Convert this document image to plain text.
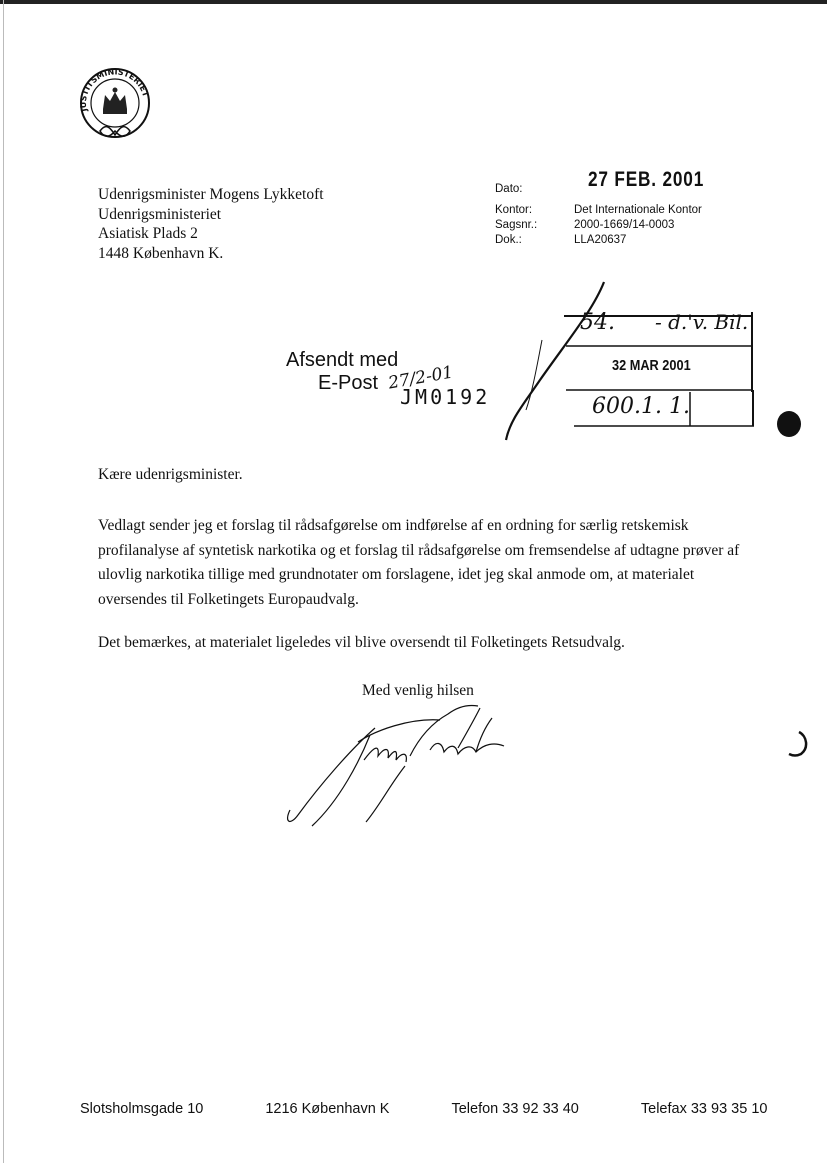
JUSTITSMINISTERIET
Udenrigsminister Mogens Lykketoft
Udenrigsministeriet
Asiatisk Plads 2
1448 København K.
27 FEB. 2001
Dato:
Kontor:	Det Internationale Kontor
Sagsnr.:	2000-1669/14-0003
Dok.:	LLA20637
Afsendt med
E-Post 27/2-01
JM0192
54. - d.'v. Bil.
32 MAR 2001
600.1. 1.
Kære udenrigsminister.
Vedlagt sender jeg et forslag til rådsafgørelse om indførelse af en ordning for særlig retskemisk profilanalyse af syntetisk narkotika og et forslag til rådsafgørelse om fremsendelse af udtagne prøver af ulovlig narkotika tillige med grundnotater om forslagene, idet jeg skal anmode om, at materialet oversendes til Folketingets Europaudvalg.
Det bemærkes, at materialet ligeledes vil blive oversendt til Folketingets Retsudvalg.
Med venlig hilsen
Slotsholmsgade 10	1216 København K	Telefon 33 92 33 40	Telefax 33 93 35 10
